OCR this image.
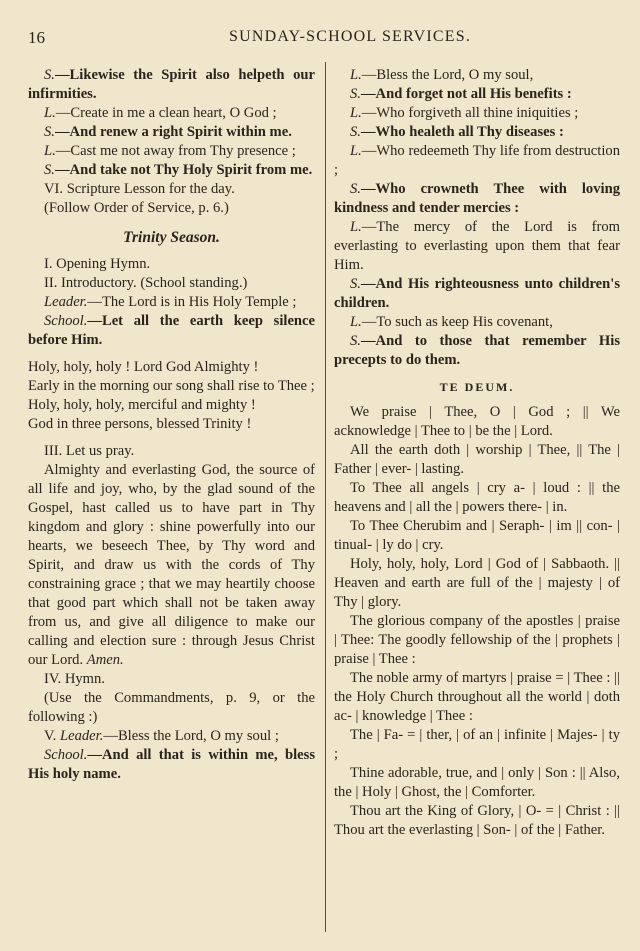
16	SUNDAY-SCHOOL SERVICES.

S.—Likewise the Spirit also helpeth our infirmities.

L.—Create in me a clean heart, O God ;

S.—And renew a right Spirit within me.

L.—Cast me not away from Thy presence ;

S.—And take not Thy Holy Spirit from me.

VI. Scripture Lesson for the day.

(Follow Order of Service, p. 6.)

Trinity Season.

I. Opening Hymn.

II. Introductory. (School standing.)

Leader.—The Lord is in His Holy Temple ;

School.—Let all the earth keep silence before Him.

Holy, holy, holy ! Lord God Almighty !

Early in the morning our song shall rise to Thee ;

Holy, holy, holy, merciful and mighty !

God in three persons, blessed Trinity !

III. Let us pray.

Almighty and everlasting God, the source of all life and joy, who, by the glad sound of the Gospel, hast called us to have part in Thy kingdom and glory : shine powerfully into our hearts, we beseech Thee, by Thy word and Spirit, and draw us with the cords of Thy constraining grace ; that we may heartily choose that good part which shall not be taken away from us, and give all diligence to make our calling and election sure : through Jesus Christ our Lord. Amen.

IV. Hymn.

(Use the Commandments, p. 9, or the following :)

V. Leader.—Bless the Lord, O my soul ;

School.—And all that is within me, bless His holy name.

L.—Bless the Lord, O my soul,

S.—And forget not all His benefits :

L.—Who forgiveth all thine iniquities ;

S.—Who healeth all Thy diseases :

L.—Who redeemeth Thy life from destruction ;

S.—Who crowneth Thee with loving kindness and tender mercies :

L.—The mercy of the Lord is from everlasting to everlasting upon them that fear Him.

S.—And His righteousness unto children's children.

L.—To such as keep His covenant,

S.—And to those that remember His precepts to do them.

TE DEUM.

We praise | Thee, O | God ; || We acknowledge | Thee to | be the | Lord.

All the earth doth | worship | Thee, || The | Father | ever- | lasting.

To Thee all angels | cry a- | loud : || the heavens and | all the | powers there- | in.

To Thee Cherubim and | Seraph- | im || con- | tinual- | ly do | cry.

Holy, holy, holy, Lord | God of | Sabbaoth. || Heaven and earth are full of the | majesty | of Thy | glory.

The glorious company of the apostles | praise | Thee: The goodly fellowship of the | prophets | praise | Thee :

The noble army of martyrs | praise = | Thee : || the Holy Church throughout all the world | doth ac- | knowledge | Thee :

The | Fa- = | ther, | of an | infinite | Majes- | ty ;

Thine adorable, true, and | only | Son : || Also, the | Holy | Ghost, the | Comforter.

Thou art the King of Glory, | O- = | Christ : || Thou art the everlasting | Son- | of the | Father.
